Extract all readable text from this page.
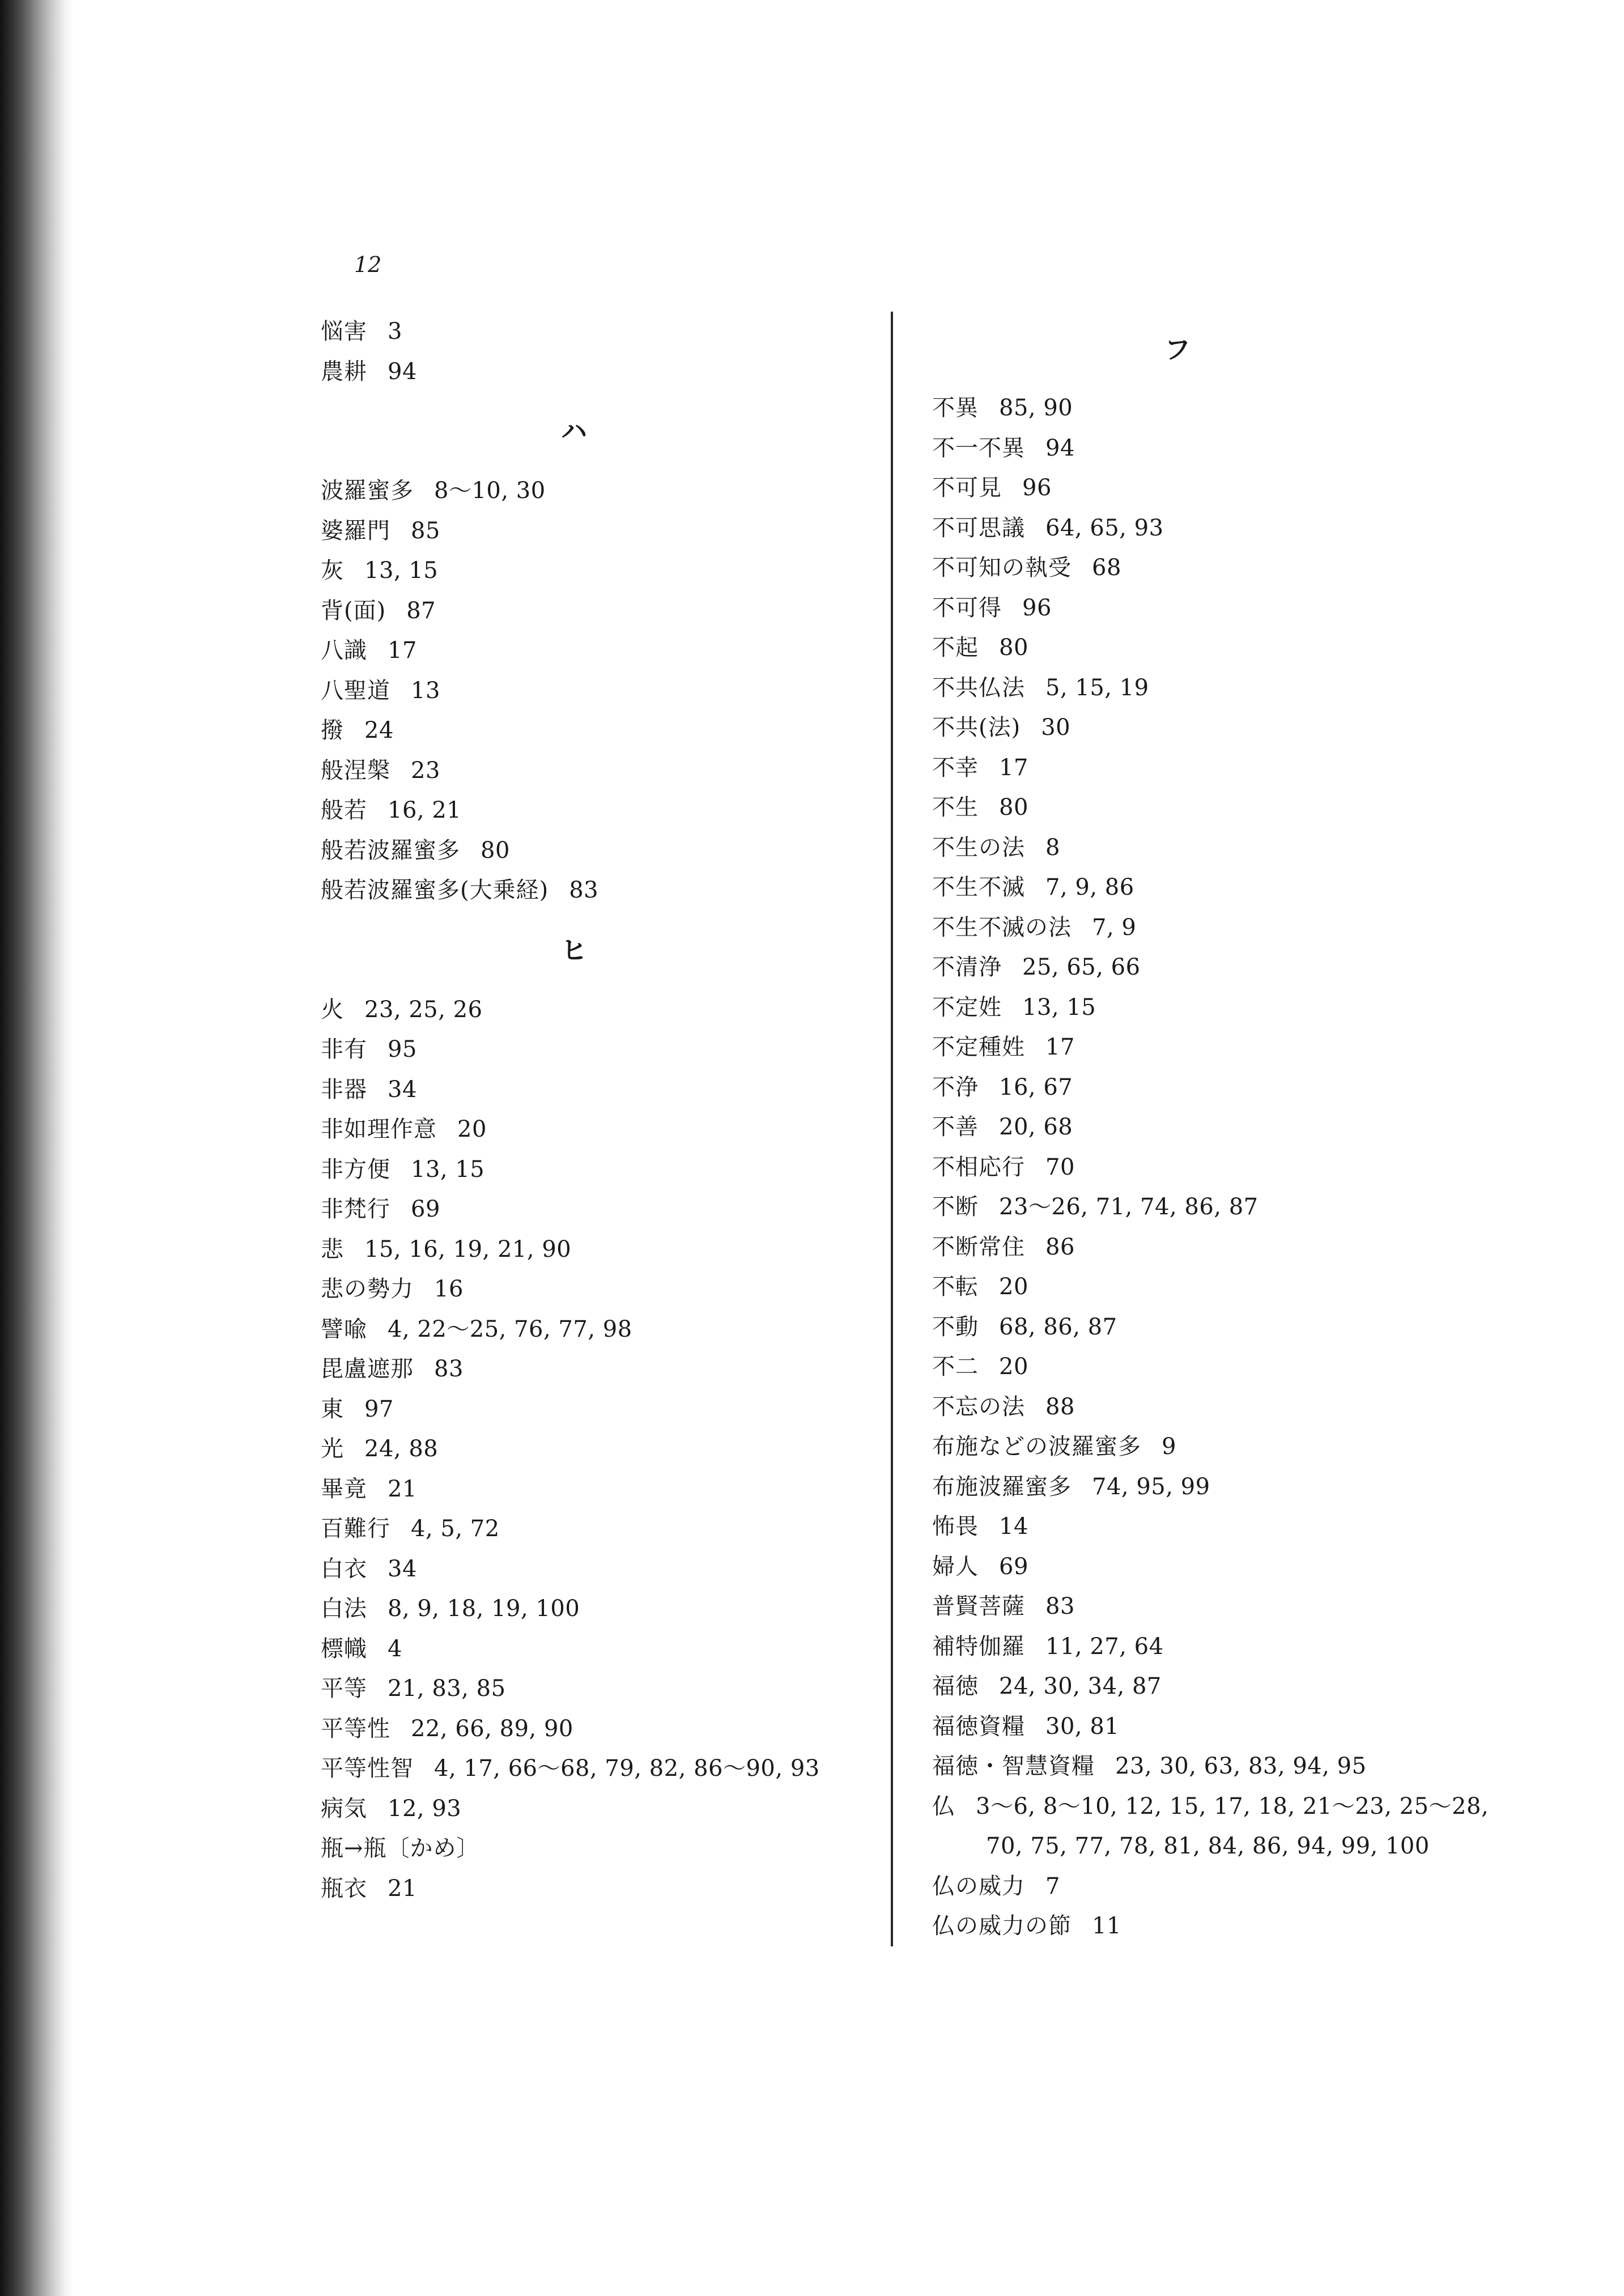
12
悩害 3
農耕 94
ハ
波羅蜜多 8〜10, 30
婆羅門 85
灰 13, 15
背(面) 87
八識 17
八聖道 13
撥 24
般涅槃 23
般若 16, 21
般若波羅蜜多 80
般若波羅蜜多(大乗経) 83
ヒ
火 23, 25, 26
非有 95
非器 34
非如理作意 20
非方便 13, 15
非梵行 69
悲 15, 16, 19, 21, 90
悲の勢力 16
譬喩 4, 22〜25, 76, 77, 98
毘盧遮那 83
東 97
光 24, 88
畢竟 21
百難行 4, 5, 72
白衣 34
白法 8, 9, 18, 19, 100
標幟 4
平等 21, 83, 85
平等性 22, 66, 89, 90
平等性智 4, 17, 66〜68, 79, 82, 86〜90, 93
病気 12, 93
瓶→瓶〔かめ〕
瓶衣 21
フ
不異 85, 90
不一不異 94
不可見 96
不可思議 64, 65, 93
不可知の執受 68
不可得 96
不起 80
不共仏法 5, 15, 19
不共(法) 30
不幸 17
不生 80
不生の法 8
不生不滅 7, 9, 86
不生不滅の法 7, 9
不清浄 25, 65, 66
不定姓 13, 15
不定種姓 17
不浄 16, 67
不善 20, 68
不相応行 70
不断 23〜26, 71, 74, 86, 87
不断常住 86
不転 20
不動 68, 86, 87
不二 20
不忘の法 88
布施などの波羅蜜多 9
布施波羅蜜多 74, 95, 99
怖畏 14
婦人 69
普賢菩薩 83
補特伽羅 11, 27, 64
福徳 24, 30, 34, 87
福徳資糧 30, 81
福徳・智慧資糧 23, 30, 63, 83, 94, 95
仏 3〜6, 8〜10, 12, 15, 17, 18, 21〜23, 25〜28,
70, 75, 77, 78, 81, 84, 86, 94, 99, 100
仏の威力 7
仏の威力の節 11
